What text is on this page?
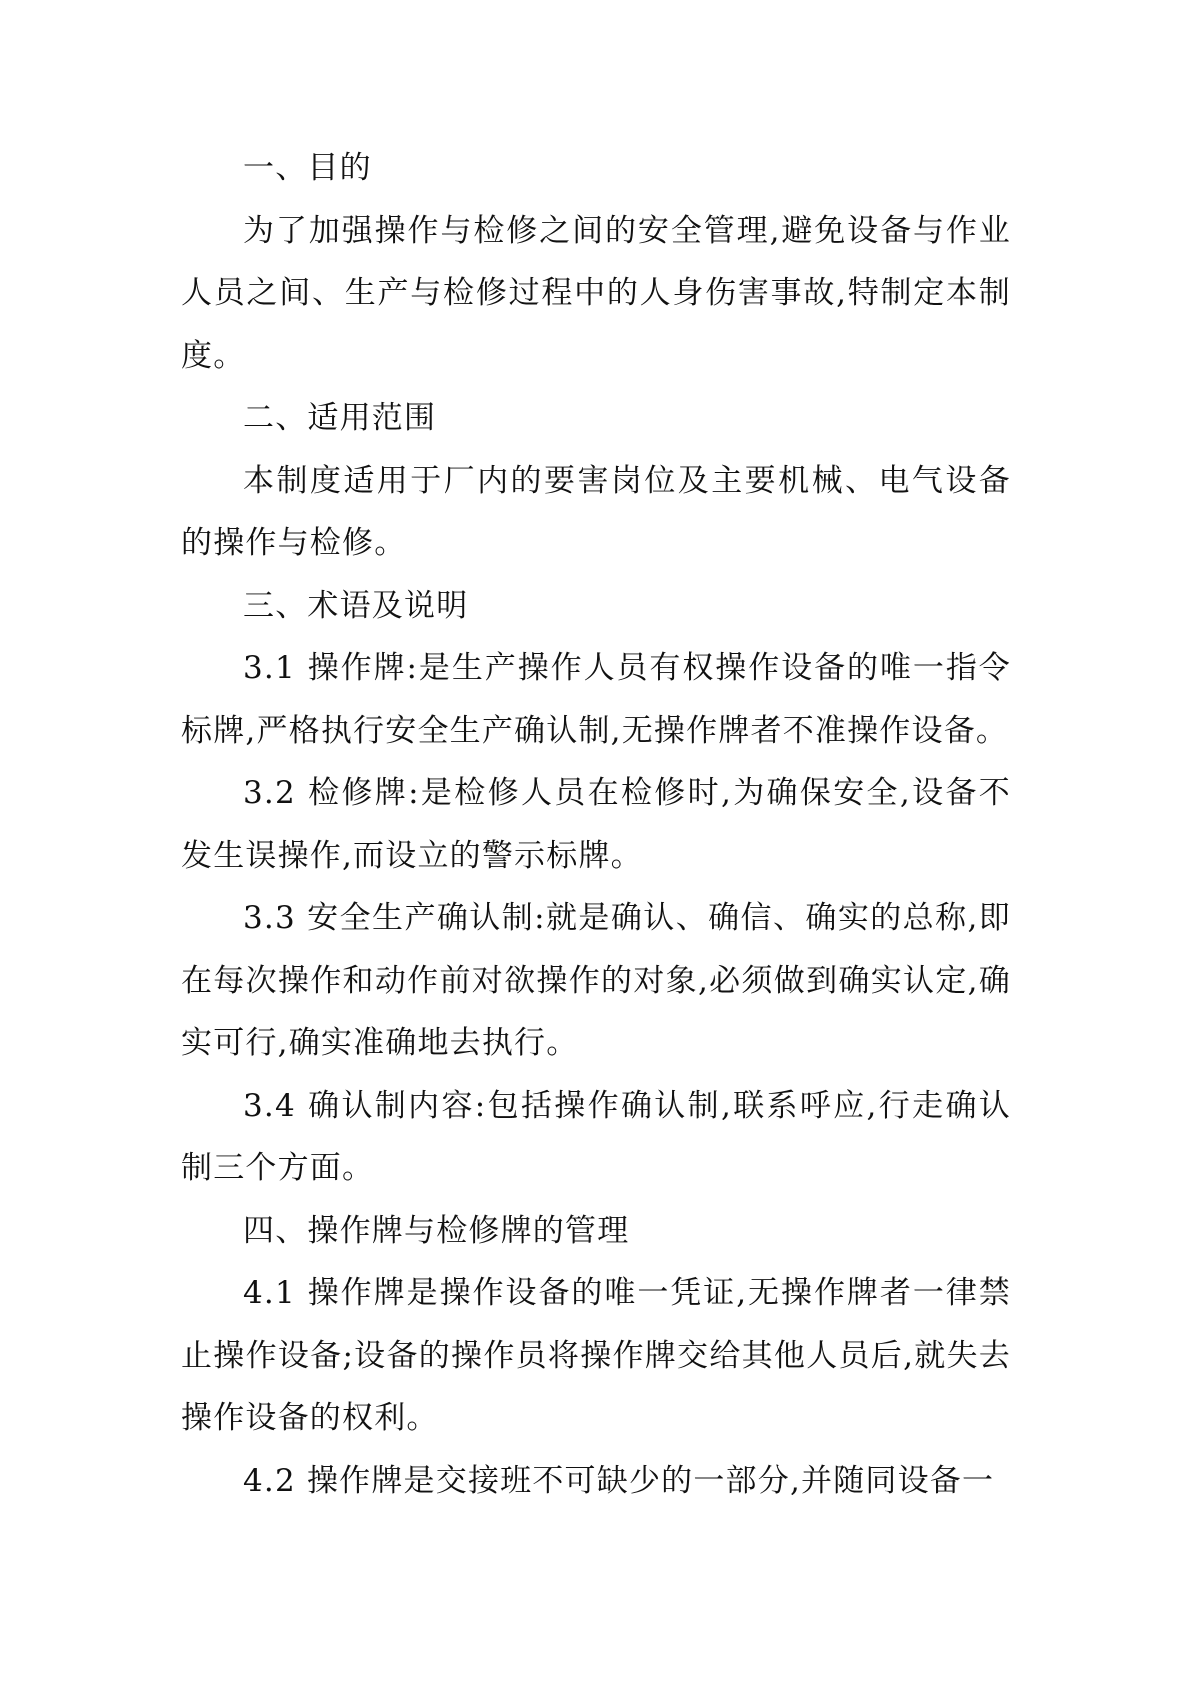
一、目的

为了加强操作与检修之间的安全管理,避免设备与作业人员之间、生产与检修过程中的人身伤害事故,特制定本制度。

二、适用范围

本制度适用于厂内的要害岗位及主要机械、电气设备的操作与检修。

三、术语及说明

3.1 操作牌:是生产操作人员有权操作设备的唯一指令标牌,严格执行安全生产确认制,无操作牌者不准操作设备。

3.2 检修牌:是检修人员在检修时,为确保安全,设备不发生误操作,而设立的警示标牌。

3.3 安全生产确认制:就是确认、确信、确实的总称,即在每次操作和动作前对欲操作的对象,必须做到确实认定,确实可行,确实准确地去执行。

3.4 确认制内容:包括操作确认制,联系呼应,行走确认制三个方面。

四、操作牌与检修牌的管理

4.1 操作牌是操作设备的唯一凭证,无操作牌者一律禁止操作设备;设备的操作员将操作牌交给其他人员后,就失去操作设备的权利。

4.2 操作牌是交接班不可缺少的一部分,并随同设备一
